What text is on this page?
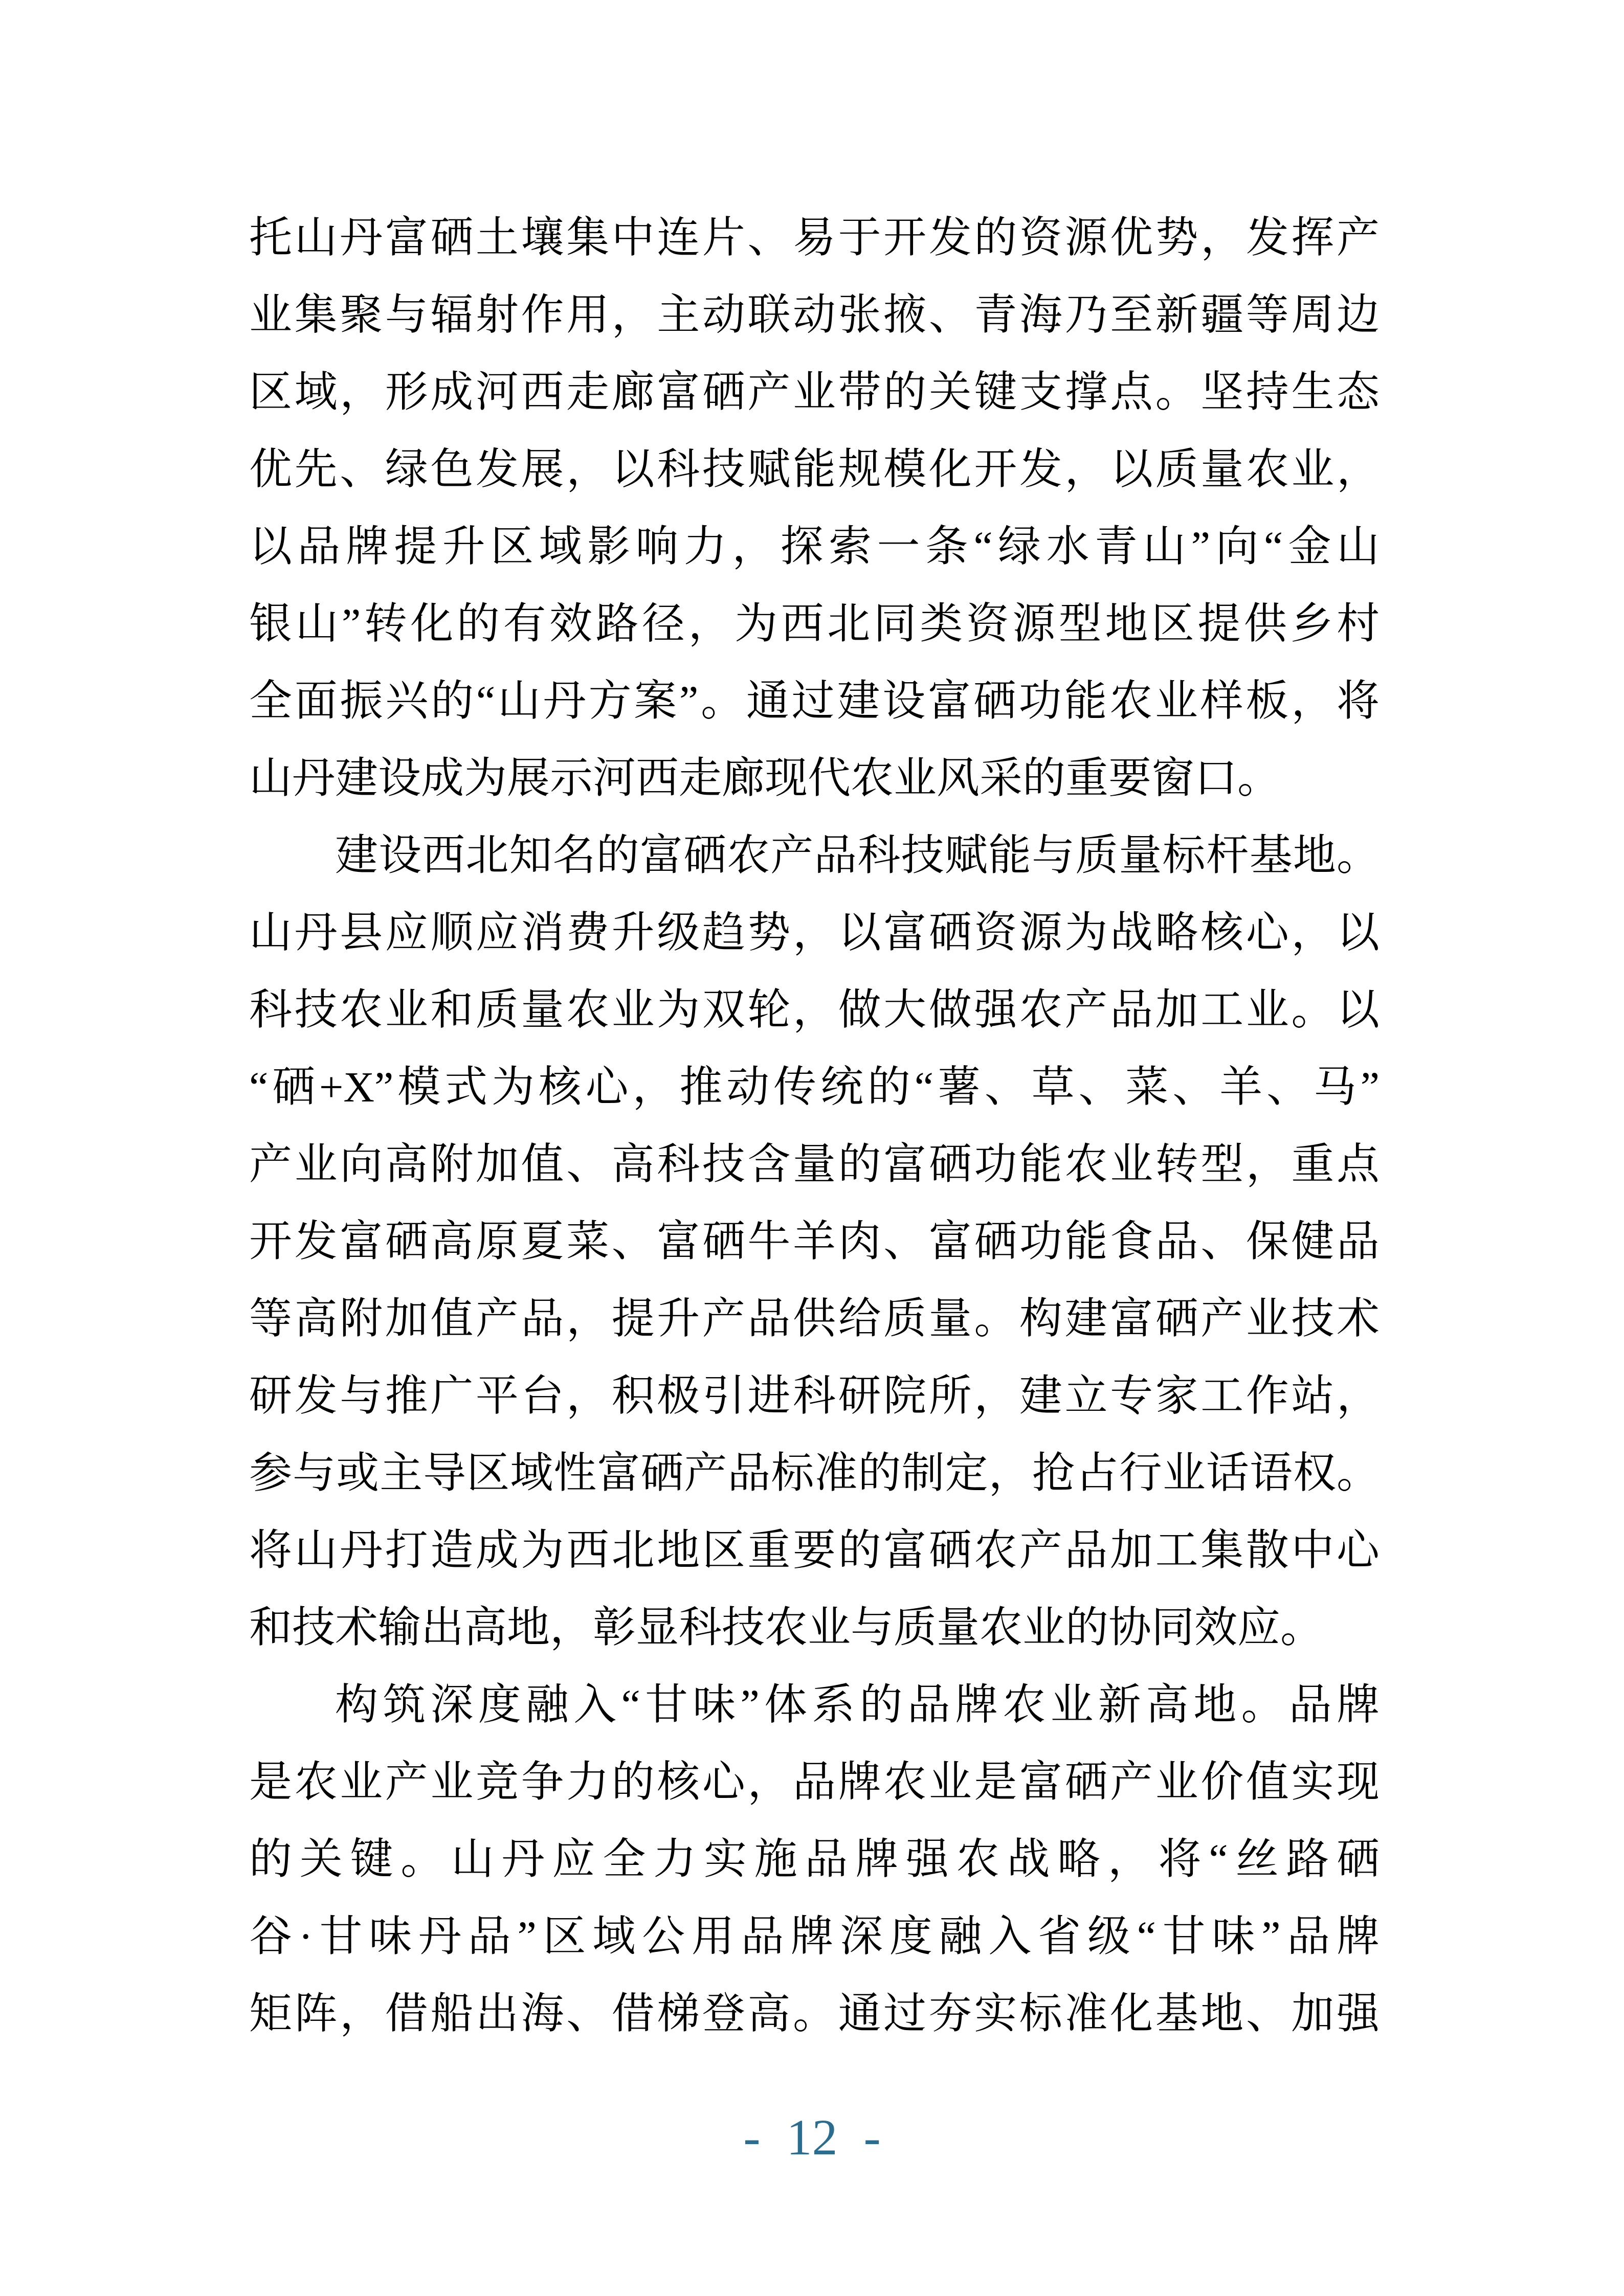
托山丹富硒土壤集中连片、易于开发的资源优势，发挥产
业集聚与辐射作用，主动联动张掖、青海乃至新疆等周边
区域，形成河西走廊富硒产业带的关键支撑点。坚持生态
优先、绿色发展，以科技赋能规模化开发，以质量农业，
以品牌提升区域影响力，探索一条“绿水青山”向“金山
银山”转化的有效路径，为西北同类资源型地区提供乡村
全面振兴的“山丹方案”。通过建设富硒功能农业样板，将
山丹建设成为展示河西走廊现代农业风采的重要窗口。
建设西北知名的富硒农产品科技赋能与质量标杆基地。
山丹县应顺应消费升级趋势，以富硒资源为战略核心，以
科技农业和质量农业为双轮，做大做强农产品加工业。以
“硒+X”模式为核心，推动传统的“薯、草、菜、羊、马”
产业向高附加值、高科技含量的富硒功能农业转型，重点
开发富硒高原夏菜、富硒牛羊肉、富硒功能食品、保健品
等高附加值产品，提升产品供给质量。构建富硒产业技术
研发与推广平台，积极引进科研院所，建立专家工作站，
参与或主导区域性富硒产品标准的制定，抢占行业话语权。
将山丹打造成为西北地区重要的富硒农产品加工集散中心
和技术输出高地，彰显科技农业与质量农业的协同效应。
构筑深度融入“甘味”体系的品牌农业新高地。品牌
是农业产业竞争力的核心，品牌农业是富硒产业价值实现
的关键。山丹应全力实施品牌强农战略，将“丝路硒
谷·甘味丹品”区域公用品牌深度融入省级“甘味”品牌
矩阵，借船出海、借梯登高。通过夯实标准化基地、加强
- 12 -
